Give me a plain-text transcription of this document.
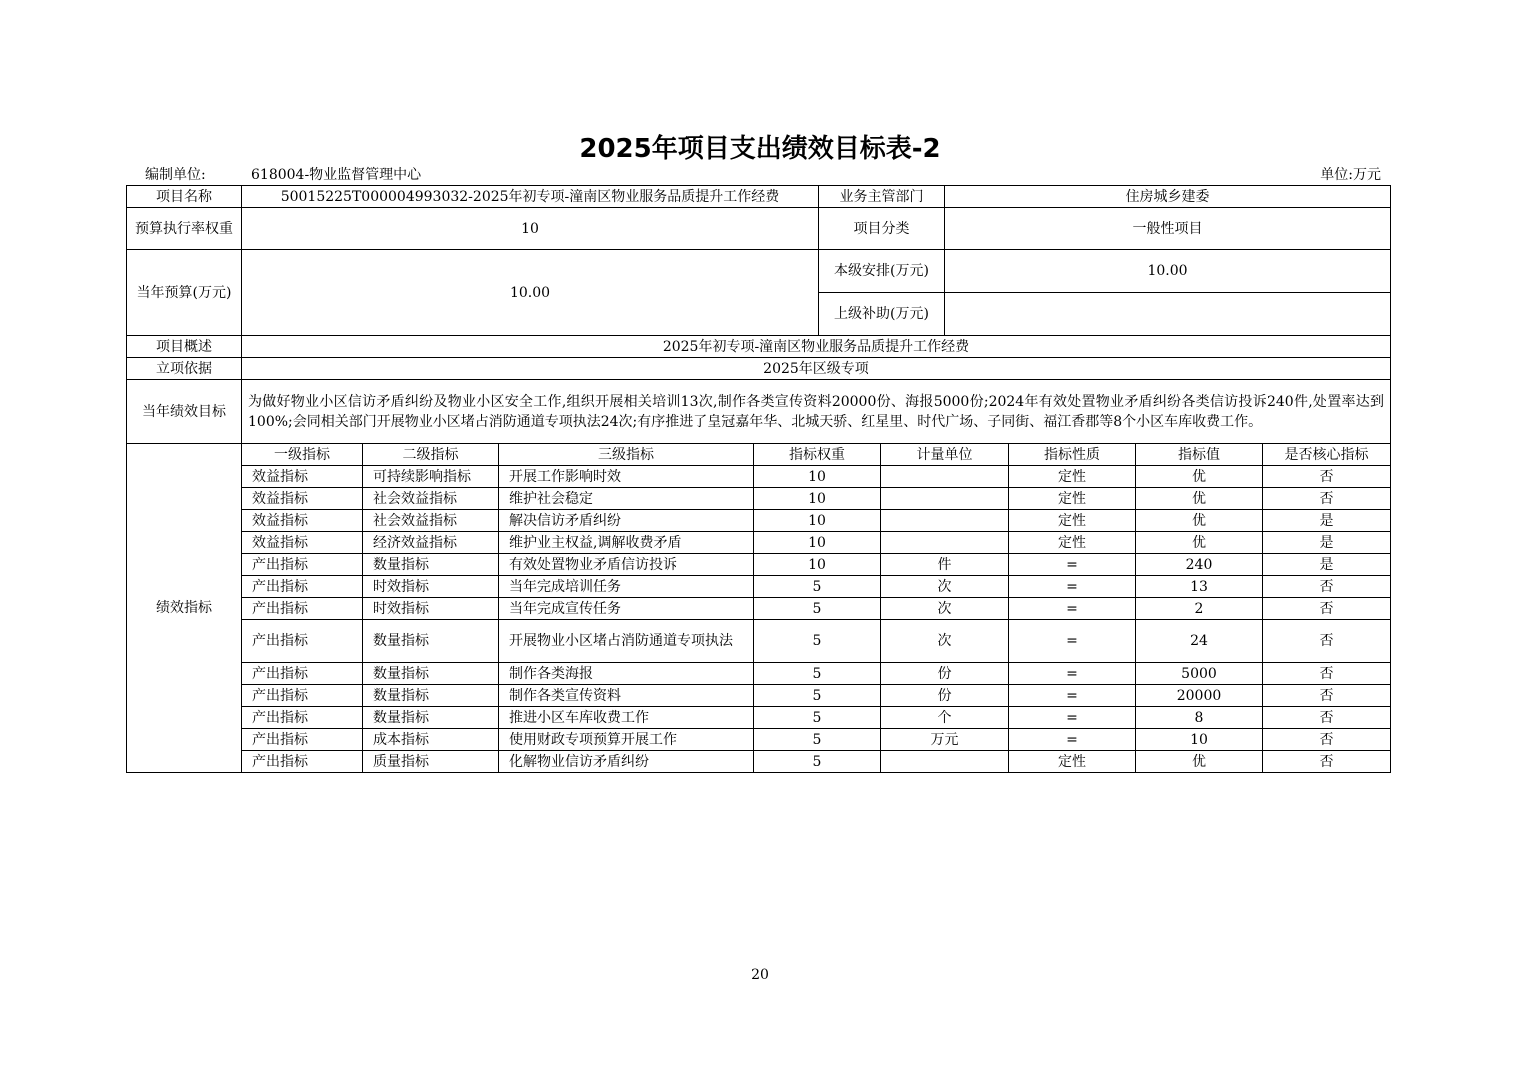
2025年项目支出绩效目标表-2
编制单位:	618004-物业监督管理中心	单位:万元
项目名称	50015225T000004993032-2025年初专项-潼南区物业服务品质提升工作经费	业务主管部门	住房城乡建委
预算执行率权重	10	项目分类	一般性项目
当年预算(万元)	10.00	本级安排(万元)	10.00
		上级补助(万元)	
项目概述	2025年初专项-潼南区物业服务品质提升工作经费		
立项依据	2025年区级专项		
当年绩效目标	为做好物业小区信访矛盾纠纷及物业小区安全工作,组织开展相关培训13次,制作各类宣传资料20000份、海报5000份;2024年有效处置物业矛盾纠纷各类信访投诉240件,处置率达到100%;会同相关部门开展物业小区堵占消防通道专项执法24次;有序推进了皇冠嘉年华、北城天骄、红星里、时代广场、子同街、福江香郡等8个小区车库收费工作。		
绩效指标	一级指标	二级指标	三级指标	指标权重	计量单位	指标性质	指标值	是否核心指标
	效益指标	可持续影响指标	开展工作影响时效	10		定性	优	否
	效益指标	社会效益指标	维护社会稳定	10		定性	优	否
	效益指标	社会效益指标	解决信访矛盾纠纷	10		定性	优	是
	效益指标	经济效益指标	维护业主权益,调解收费矛盾	10		定性	优	是
	产出指标	数量指标	有效处置物业矛盾信访投诉	10	件	=	240	是
	产出指标	时效指标	当年完成培训任务	5	次	=	13	否
	产出指标	时效指标	当年完成宣传任务	5	次	=	2	否
	产出指标	数量指标	开展物业小区堵占消防通道专项执法	5	次	=	24	否
	产出指标	数量指标	制作各类海报	5	份	=	5000	否
	产出指标	数量指标	制作各类宣传资料	5	份	=	20000	否
	产出指标	数量指标	推进小区车库收费工作	5	个	=	8	否
	产出指标	成本指标	使用财政专项预算开展工作	5	万元	=	10	否
	产出指标	质量指标	化解物业信访矛盾纠纷	5		定性	优	否
20
